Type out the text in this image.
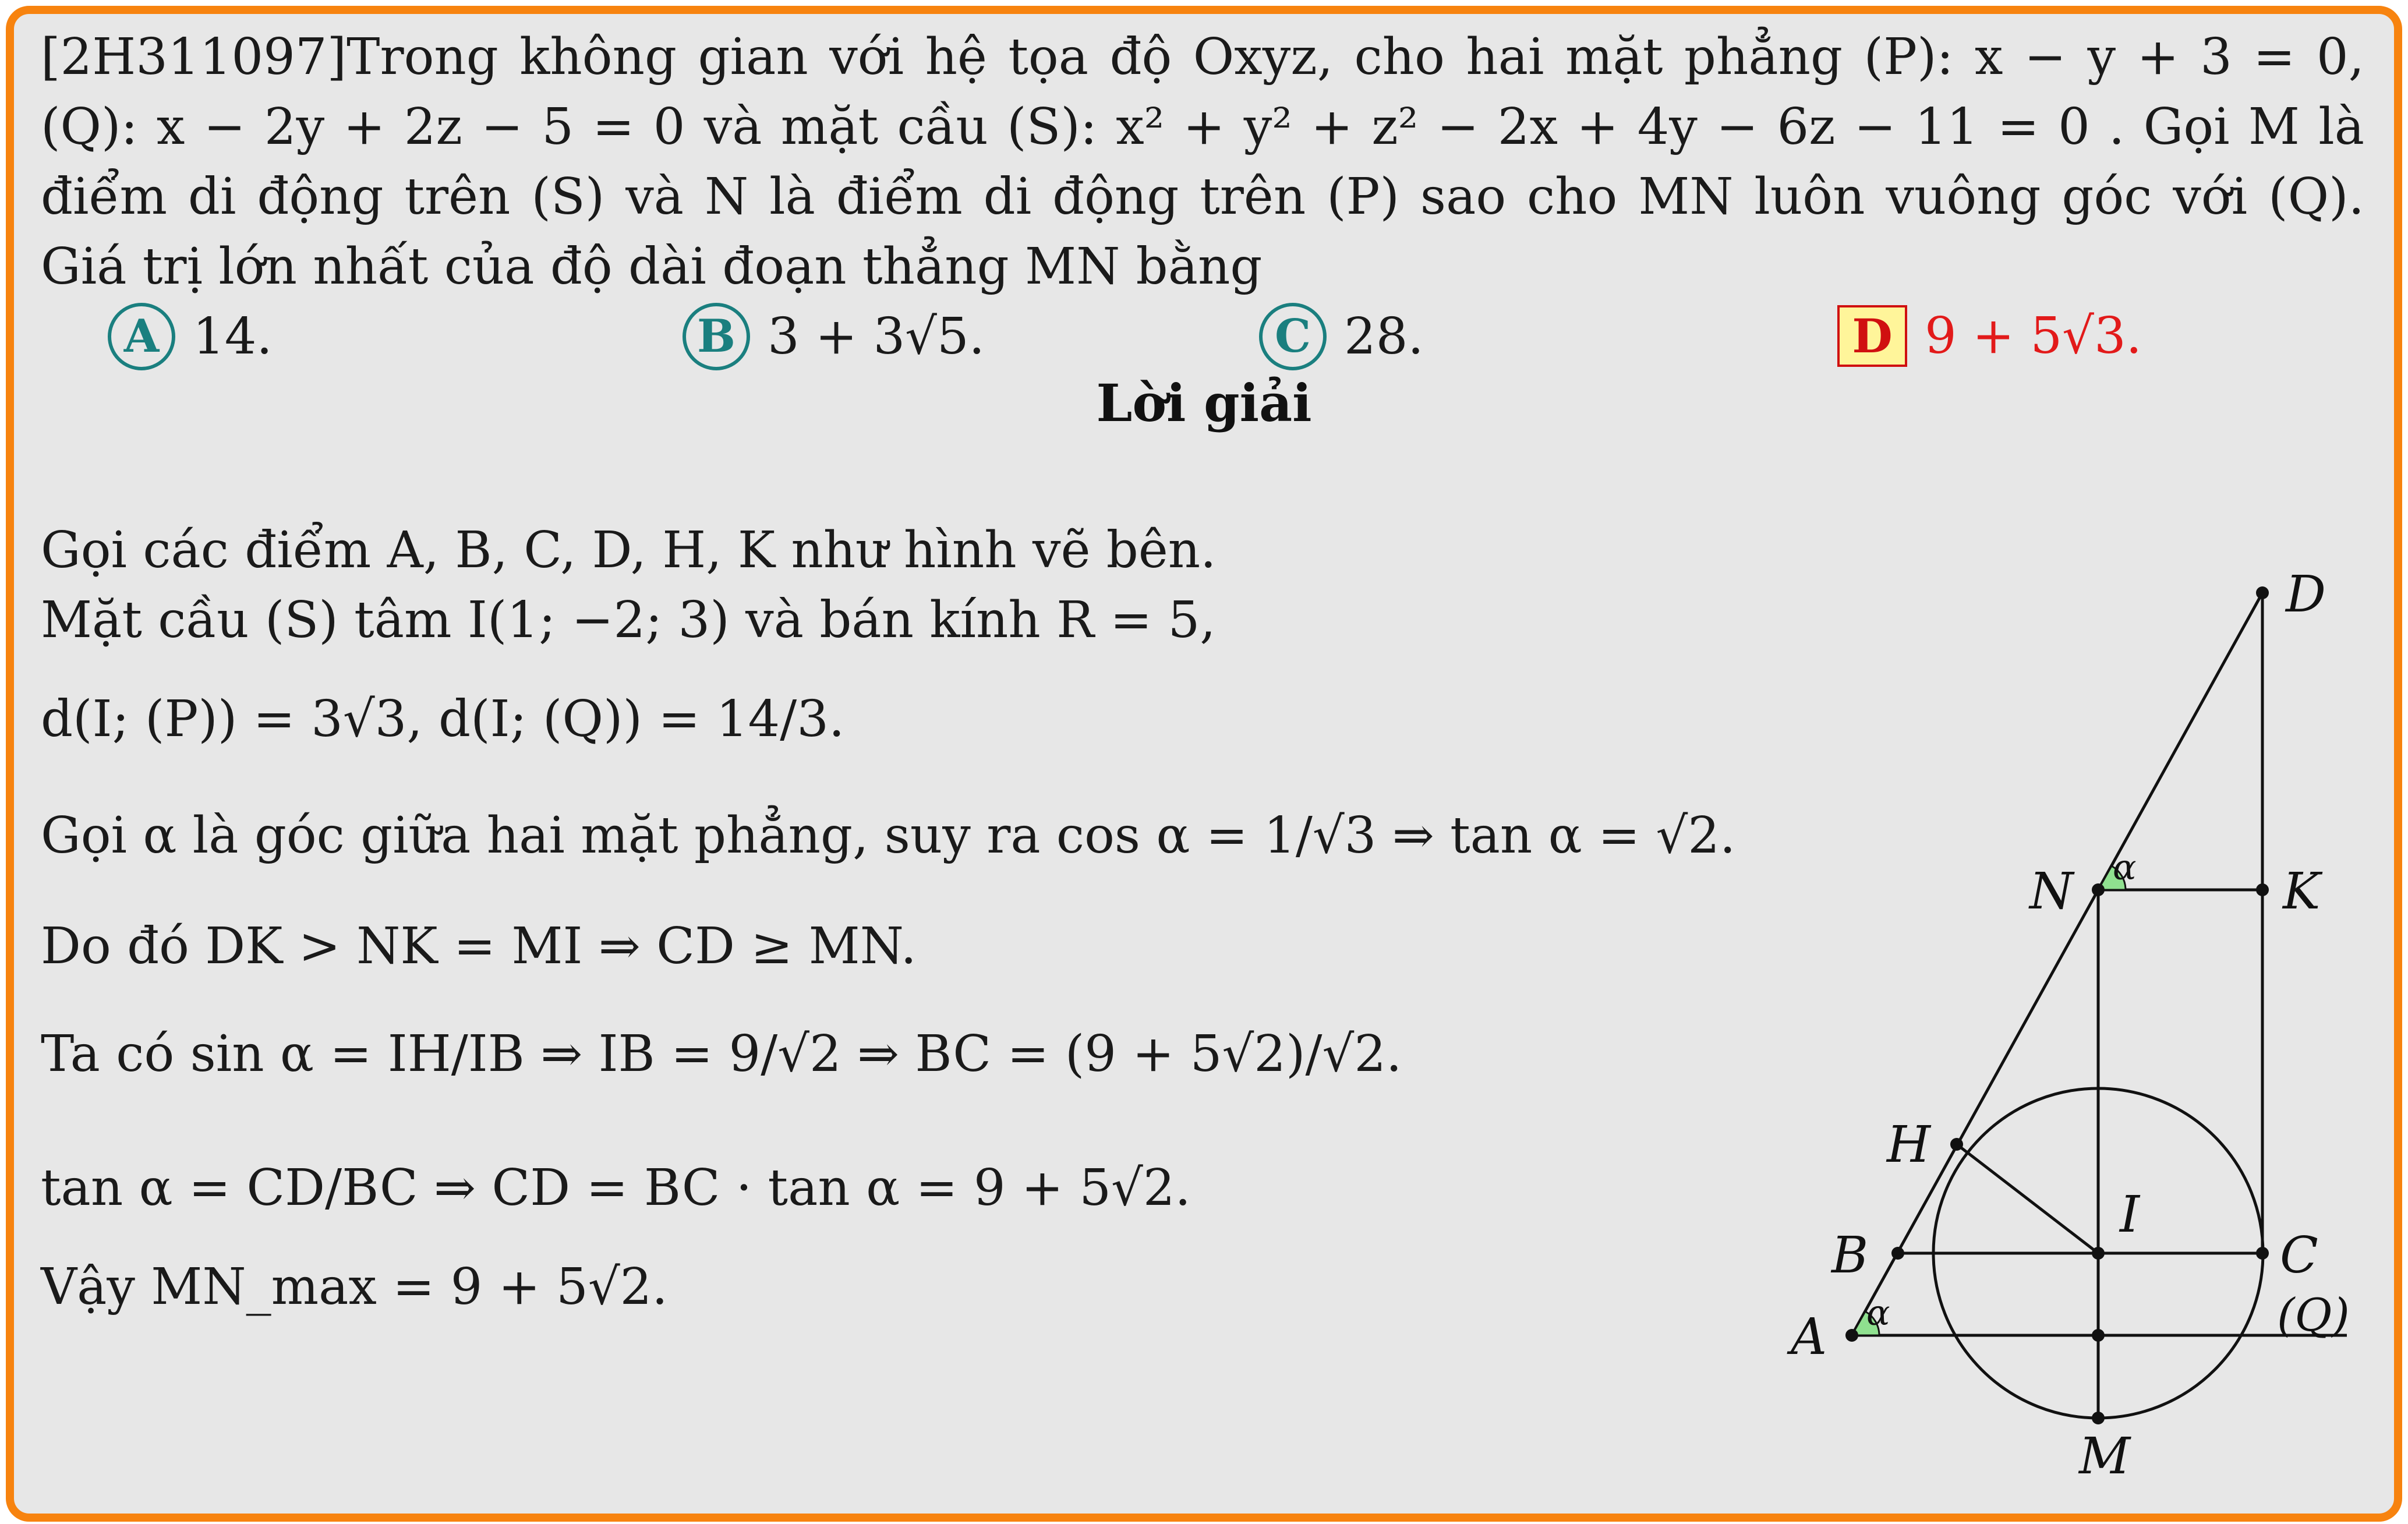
[2H311097]Trong không gian với hệ tọa độ Oxyz, cho hai mặt phẳng (P): x − y + 3 = 0, (Q): x − 2y + 2z − 5 = 0 và mặt cầu (S): x² + y² + z² − 2x + 4y − 6z − 11 = 0 . Gọi M là điểm di động trên (S) và N là điểm di động trên (P) sao cho MN luôn vuông góc với (Q). Giá trị lớn nhất của độ dài đoạn thẳng MN bằng
A 14.	B 3 + 3√5.	C 28.	D 9 + 5√3.
Lời giải
Gọi các điểm A, B, C, D, H, K như hình vẽ bên.
Mặt cầu (S) tâm I(1; −2; 3) và bán kính R = 5,
d(I; (P)) = 3√3, d(I; (Q)) = 14/3.
Gọi α là góc giữa hai mặt phẳng, suy ra cos α = 1/√3 ⇒ tan α = √2.
Do đó DK > NK = MI ⇒ CD ≥ MN.
Ta có sin α = IH/IB ⇒ IB = 9/√2 ⇒ BC = (9 + 5√2)/√2.
tan α = CD/BC ⇒ CD = BC · tan α = 9 + 5√2.
Vậy MN_max = 9 + 5√2.
D
N	K
H
I
B	C
A
M
(Q)
α
α
